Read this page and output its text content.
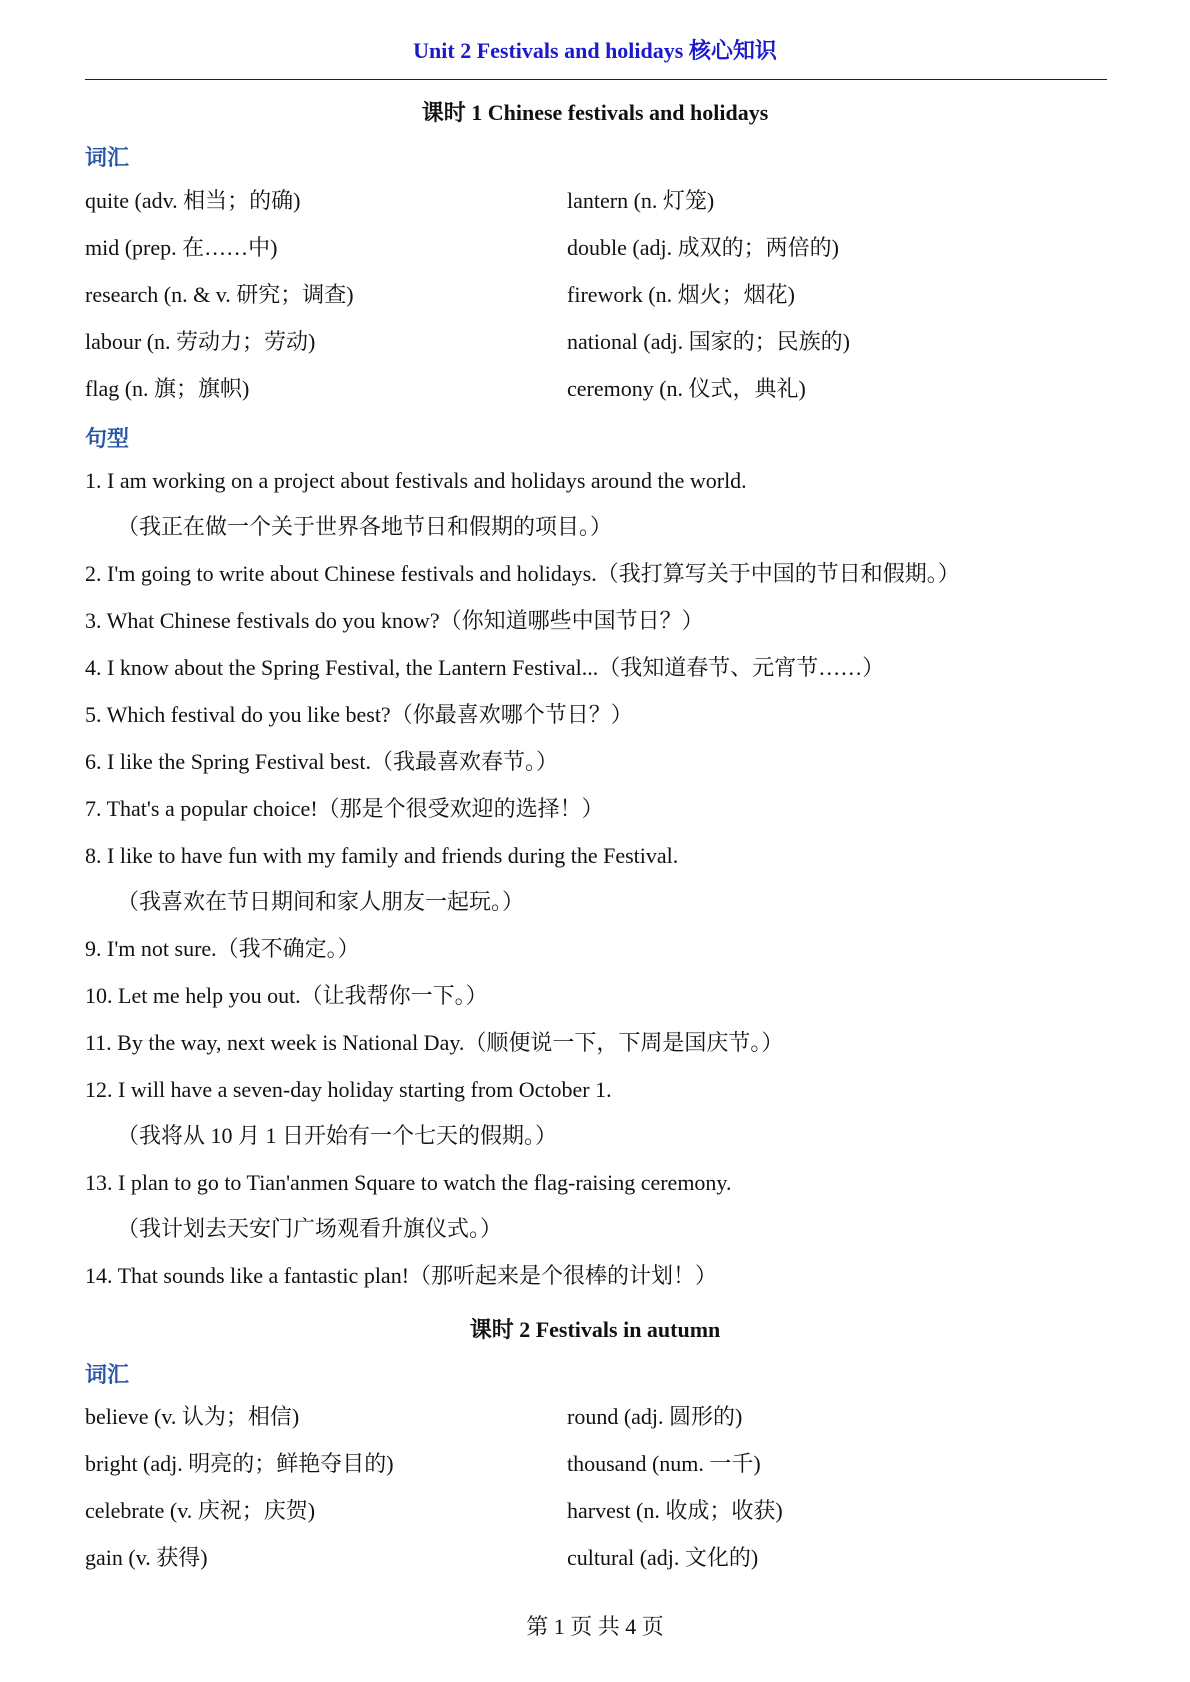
Unit 2 Festivals and holidays 核心知识
课时 1 Chinese festivals and holidays
词汇
quite (adv. 相当；的确)	lantern (n. 灯笼)
mid (prep. 在……中)	double (adj. 成双的；两倍的)
research (n. & v. 研究；调查)	firework (n. 烟火；烟花)
labour (n. 劳动力；劳动)	national (adj. 国家的；民族的)
flag (n. 旗；旗帜)	ceremony (n. 仪式，典礼)
句型
1. I am working on a project about festivals and holidays around the world.
（我正在做一个关于世界各地节日和假期的项目。）
2. I'm going to write about Chinese festivals and holidays.（我打算写关于中国的节日和假期。）
3. What Chinese festivals do you know?（你知道哪些中国节日？）
4. I know about the Spring Festival, the Lantern Festival...（我知道春节、元宵节……）
5. Which festival do you like best?（你最喜欢哪个节日？）
6. I like the Spring Festival best.（我最喜欢春节。）
7. That's a popular choice!（那是个很受欢迎的选择！）
8. I like to have fun with my family and friends during the Festival.
（我喜欢在节日期间和家人朋友一起玩。）
9. I'm not sure.（我不确定。）
10. Let me help you out.（让我帮你一下。）
11. By the way, next week is National Day.（顺便说一下，下周是国庆节。）
12. I will have a seven-day holiday starting from October 1.
（我将从 10 月 1 日开始有一个七天的假期。）
13. I plan to go to Tian'anmen Square to watch the flag-raising ceremony.
（我计划去天安门广场观看升旗仪式。）
14. That sounds like a fantastic plan!（那听起来是个很棒的计划！）
课时 2 Festivals in autumn
词汇
believe (v. 认为；相信)	round (adj. 圆形的)
bright (adj. 明亮的；鲜艳夺目的)	thousand (num. 一千)
celebrate (v. 庆祝；庆贺)	harvest (n. 收成；收获)
gain (v. 获得)	cultural (adj. 文化的)
第 1 页 共 4 页
